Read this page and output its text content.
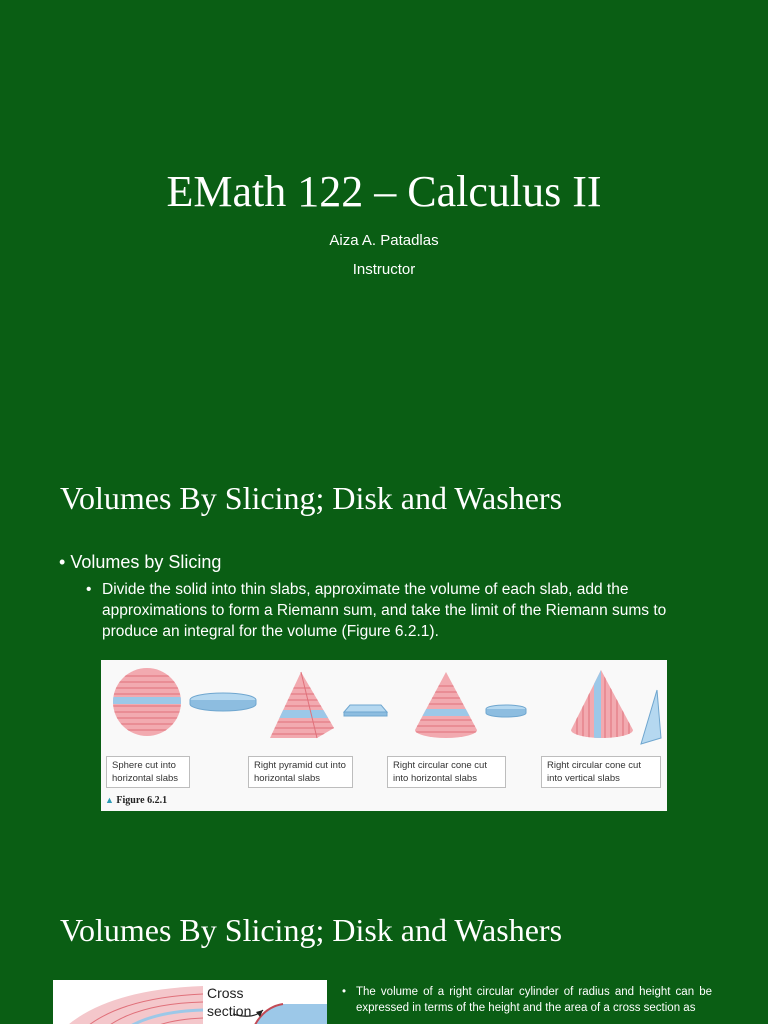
EMath 122 – Calculus II
Aiza A. Patadlas
Instructor
Volumes By Slicing; Disk and Washers
• Volumes by Slicing
• Divide the solid into thin slabs, approximate the volume of each slab, add the approximations to form a Riemann sum, and take the limit of the Riemann sums to produce an integral for the volume (Figure 6.2.1).
Sphere cut into horizontal slabs
Right pyramid cut into horizontal slabs
Right circular cone cut into horizontal slabs
Right circular cone cut into vertical slabs
▲ Figure 6.2.1
Volumes By Slicing; Disk and Washers
Cross
section
• The volume of a right circular cylinder of radius and height can be expressed in terms of the height and the area of a cross section as
